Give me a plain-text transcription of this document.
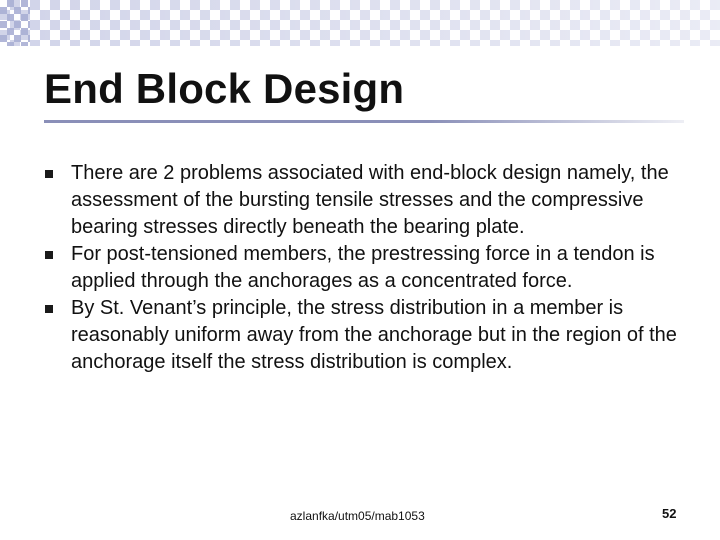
End Block Design
There are 2 problems associated with end-block design namely, the assessment of the bursting tensile stresses and the compressive bearing stresses directly beneath the bearing plate.
For post-tensioned members, the prestressing force in a tendon is applied through the anchorages as a concentrated force.
By St. Venant’s principle, the stress distribution in a member is reasonably uniform away from the anchorage but in the region of the anchorage itself the stress distribution is complex.
azlanfka/utm05/mab1053	52
